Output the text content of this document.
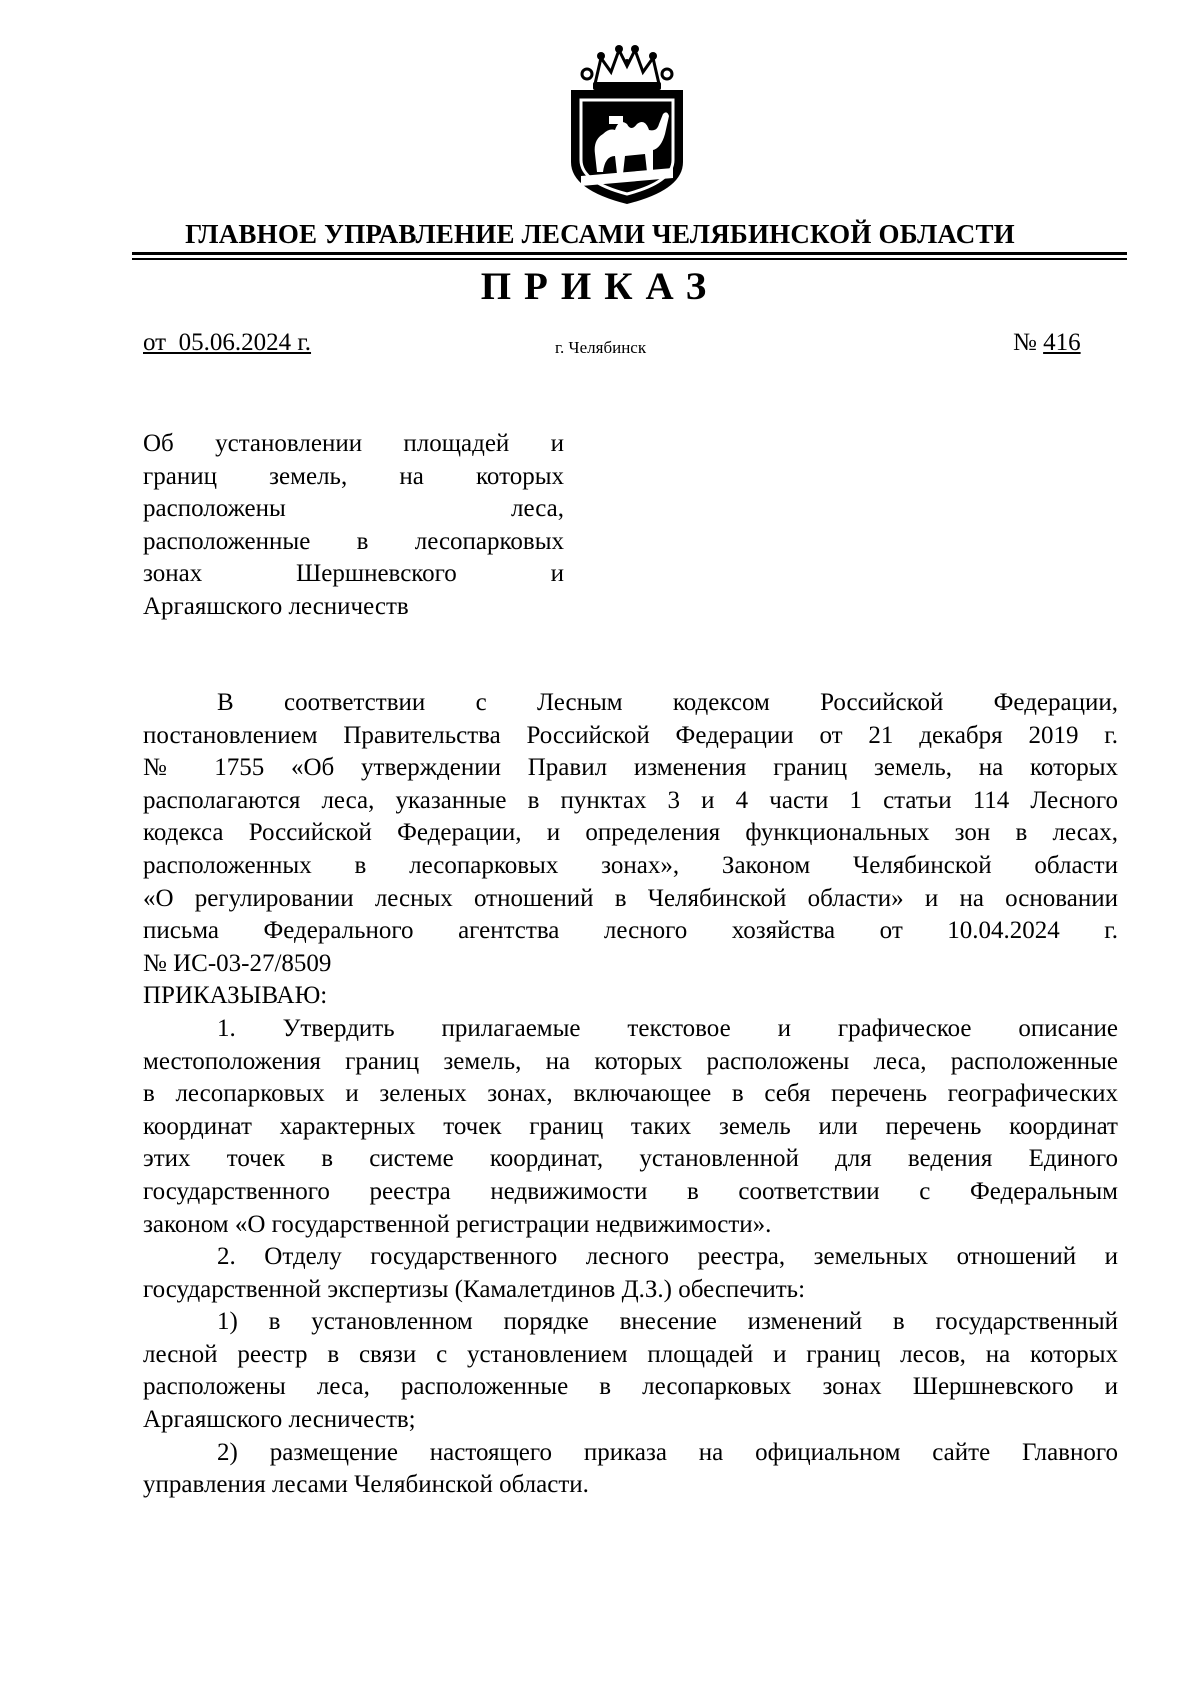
ГЛАВНОЕ УПРАВЛЕНИЕ ЛЕСАМИ ЧЕЛЯБИНСКОЙ ОБЛАСТИ
ПРИКАЗ
от  05.06.2024 г.	г. Челябинск	№ 416
Об установлении площадей и
границ земель, на которых
расположены леса,
расположенные в лесопарковых
зонах Шершневского и
Аргаяшского лесничеств

В соответствии с Лесным кодексом Российской Федерации,
постановлением Правительства Российской Федерации от 21 декабря 2019 г.
№ 1755 «Об утверждении Правил изменения границ земель, на которых
располагаются леса, указанные в пунктах 3 и 4 части 1 статьи 114 Лесного
кодекса Российской Федерации, и определения функциональных зон в лесах,
расположенных в лесопарковых зонах», Законом Челябинской области
«О регулировании лесных отношений в Челябинской области» и на основании
письма Федерального агентства лесного хозяйства от 10.04.2024 г.
№ ИС-03-27/8509

ПРИКАЗЫВАЮ:

1. Утвердить прилагаемые текстовое и графическое описание
местоположения границ земель, на которых расположены леса, расположенные
в лесопарковых и зеленых зонах, включающее в себя перечень географических
координат характерных точек границ таких земель или перечень координат
этих точек в системе координат, установленной для ведения Единого
государственного реестра недвижимости в соответствии с Федеральным
законом «О государственной регистрации недвижимости».

2. Отделу государственного лесного реестра, земельных отношений и
государственной экспертизы (Камалетдинов Д.З.) обеспечить:

1) в установленном порядке внесение изменений в государственный
лесной реестр в связи с установлением площадей и границ лесов, на которых
расположены леса, расположенные в лесопарковых зонах Шершневского и
Аргаяшского лесничеств;

2) размещение настоящего приказа на официальном сайте Главного
управления лесами Челябинской области.
